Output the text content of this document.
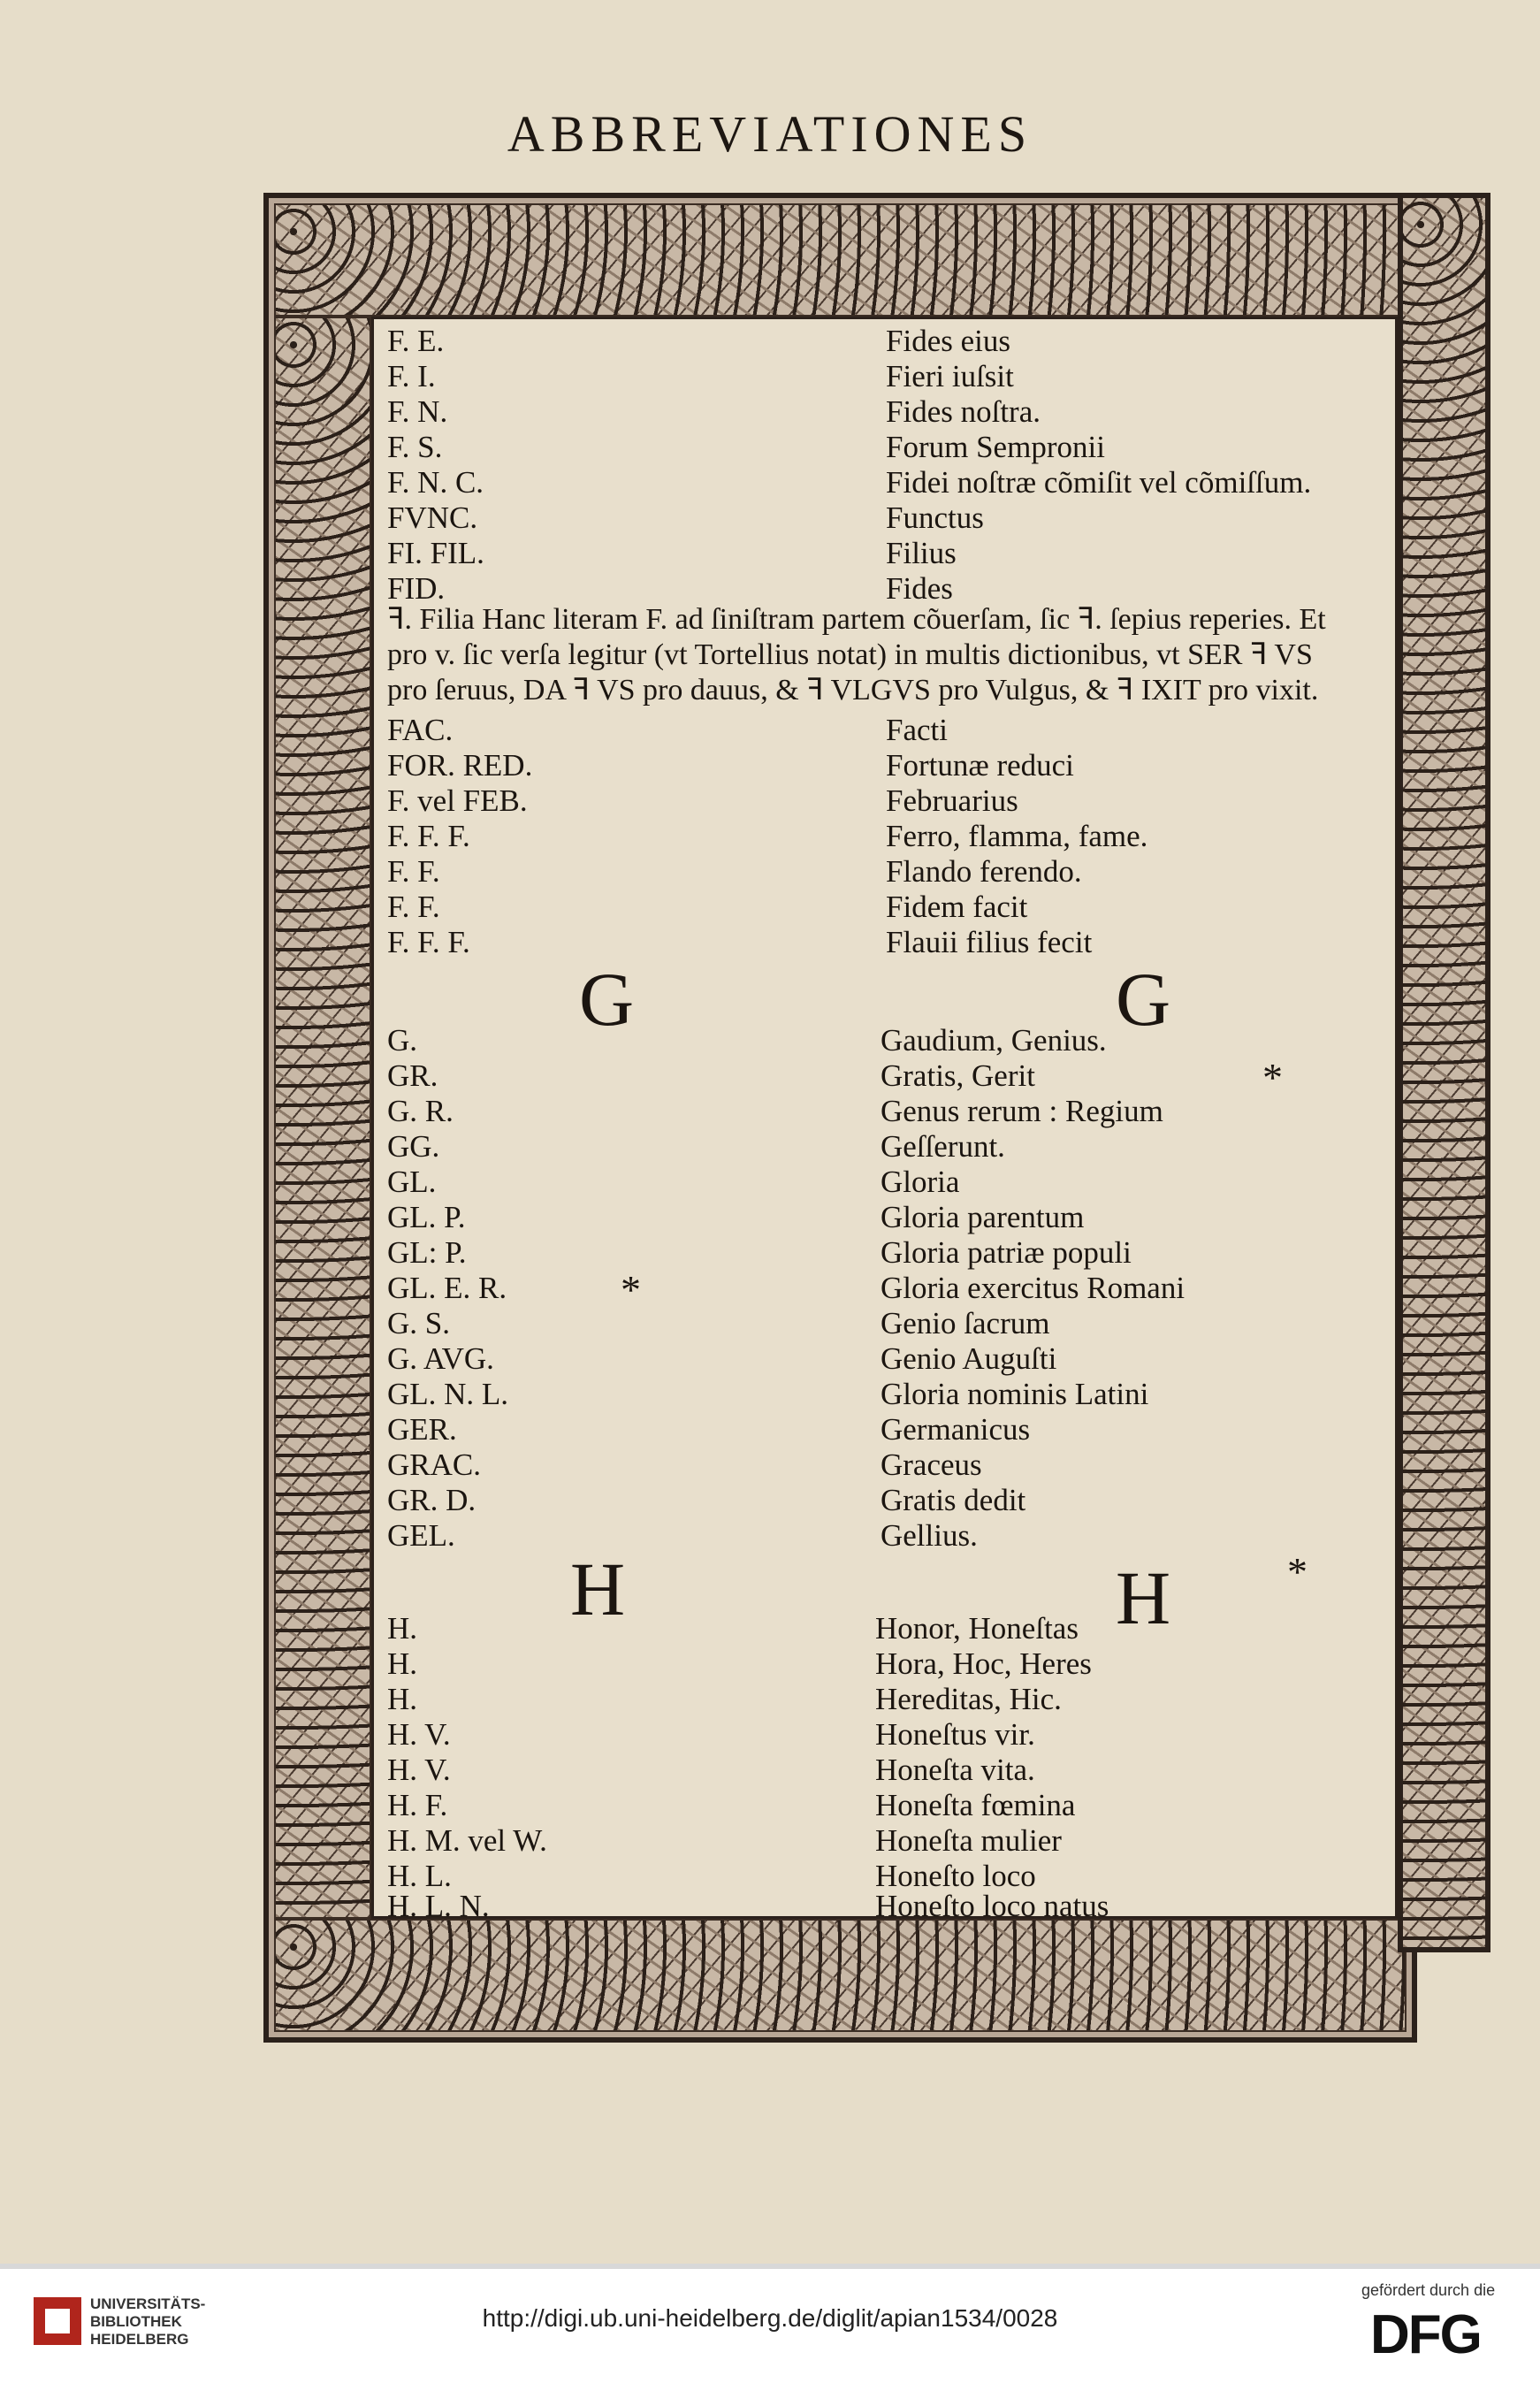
ABBREVIATIONES
F. E.	Fides eius
F. I.	Fieri iuſsit
F. N.	Fides noſtra.
F. S.	Forum Sempronii
F. N. C.	Fidei noſtræ cõmiſit vel cõmiſſum.
FVNC.	Functus
FI. FIL.	Filius
FID.	Fides
ꟻ. Filia Hanc literam F. ad ſiniſtram partem cõuerſam, ſic ꟻ. ſepius reperies. Et
pro v. ſic verſa legitur (vt Tortellius notat) in multis dictionibus, vt SER ꟻ VS
pro ſeruus, DA ꟻ VS pro dauus, & ꟻ VLGVS pro Vulgus, & ꟻ IXIT pro vixit.
FAC.	Facti
FOR. RED.	Fortunæ reduci
F. vel FEB.	Februarius
F. F. F.	Ferro, flamma, fame.
F. F.	Flando ferendo.
F. F.	Fidem facit
F. F. F.	Flauii filius fecit
G	G
G.	Gaudium, Genius.
GR.	Gratis, Gerit
G. R.	Genus rerum : Regium
GG.	Geſſerunt.
GL.	Gloria
GL. P.	Gloria parentum
GL: P.	Gloria patriæ populi
GL. E. R.	Gloria exercitus Romani
G. S.	Genio ſacrum
G. AVG.	Genio Auguſti
GL. N. L.	Gloria nominis Latini
GER.	Germanicus
GRAC.	Graceus
GR. D.	Gratis dedit
GEL.	Gellius.
*
*
H	H	*
H.	Honor, Honeſtas
H.	Hora, Hoc, Heres
H.	Hereditas, Hic.
H. V.	Honeſtus vir.
H. V.	Honeſta vita.
H. F.	Honeſta fœmina
H. M. vel W.	Honeſta mulier
H. L.	Honeſto loco
H. L. N.	Honeſto loco natus
UNIVERSITÄTS-
BIBLIOTHEK
HEIDELBERG
http://digi.ub.uni-heidelberg.de/diglit/apian1534/0028
gefördert durch die
DFG
